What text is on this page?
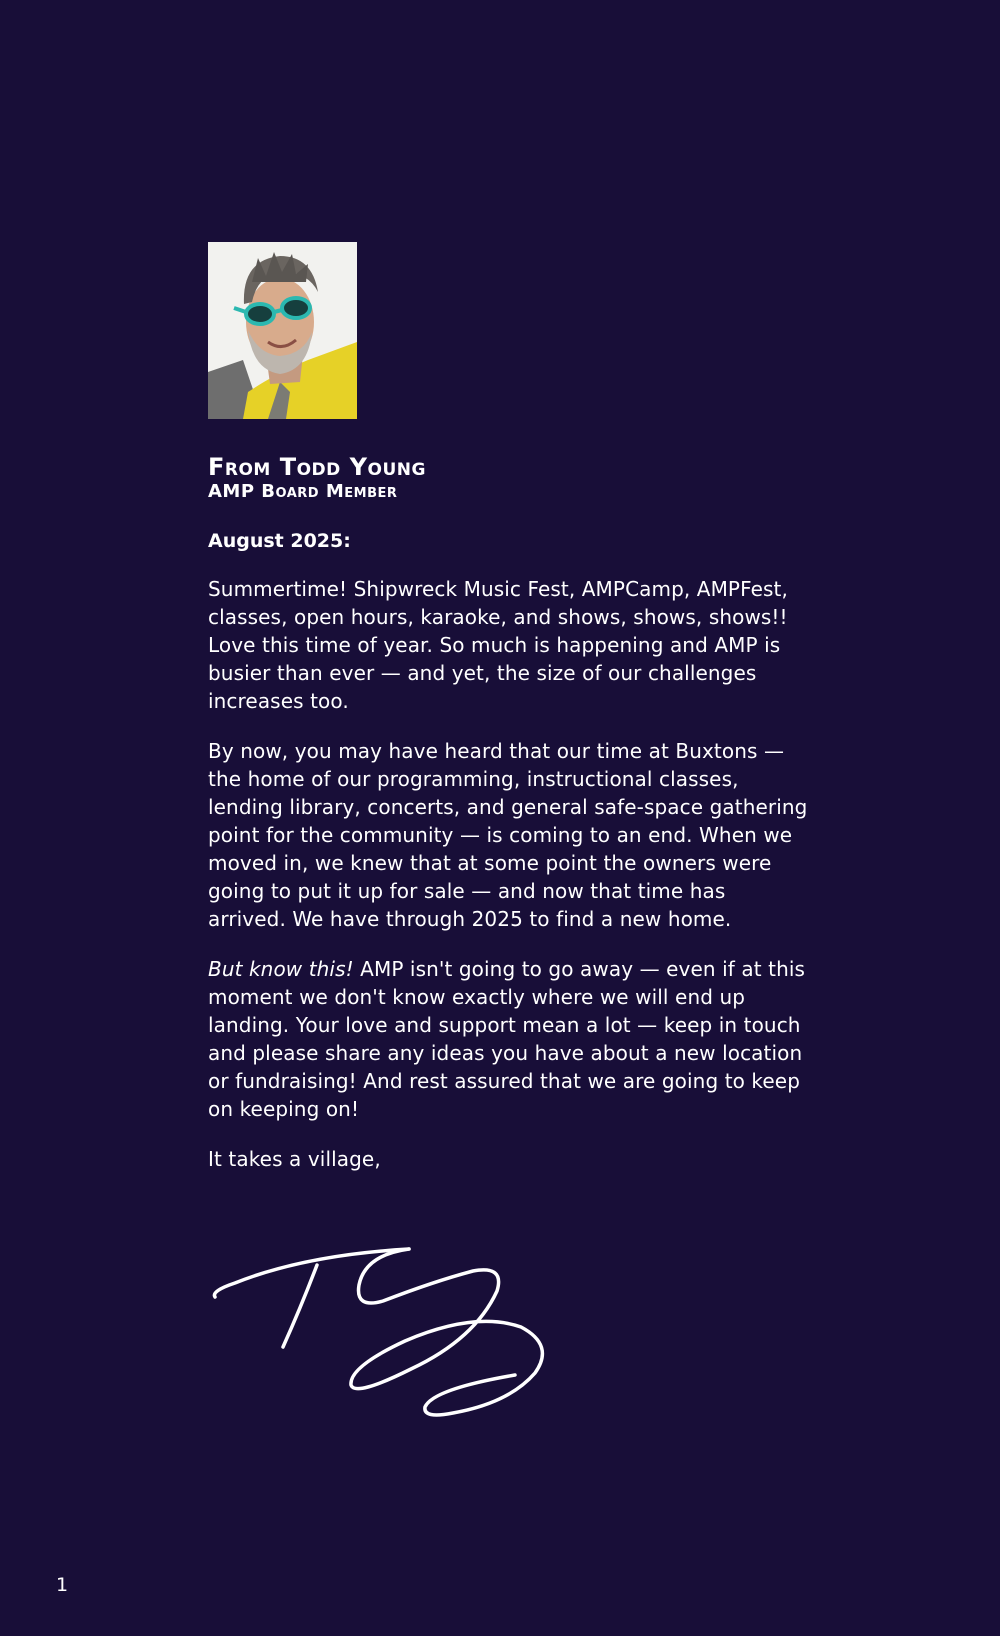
From Todd Young
AMP Board Member
August 2025:

Summertime! Shipwreck Music Fest, AMPCamp, AMPFest, classes, open hours, karaoke, and shows, shows, shows!! Love this time of year. So much is happening and AMP is busier than ever — and yet, the size of our challenges increases too.

By now, you may have heard that our time at Buxtons — the home of our programming, instructional classes, lending library, concerts, and general safe-space gathering point for the community — is coming to an end. When we moved in, we knew that at some point the owners were going to put it up for sale — and now that time has arrived. We have through 2025 to find a new home.

But know this! AMP isn't going to go away — even if at this moment we don't know exactly where we will end up landing. Your love and support mean a lot — keep in touch and please share any ideas you have about a new location or fundraising! And rest assured that we are going to keep on keeping on!

It takes a village,

1
